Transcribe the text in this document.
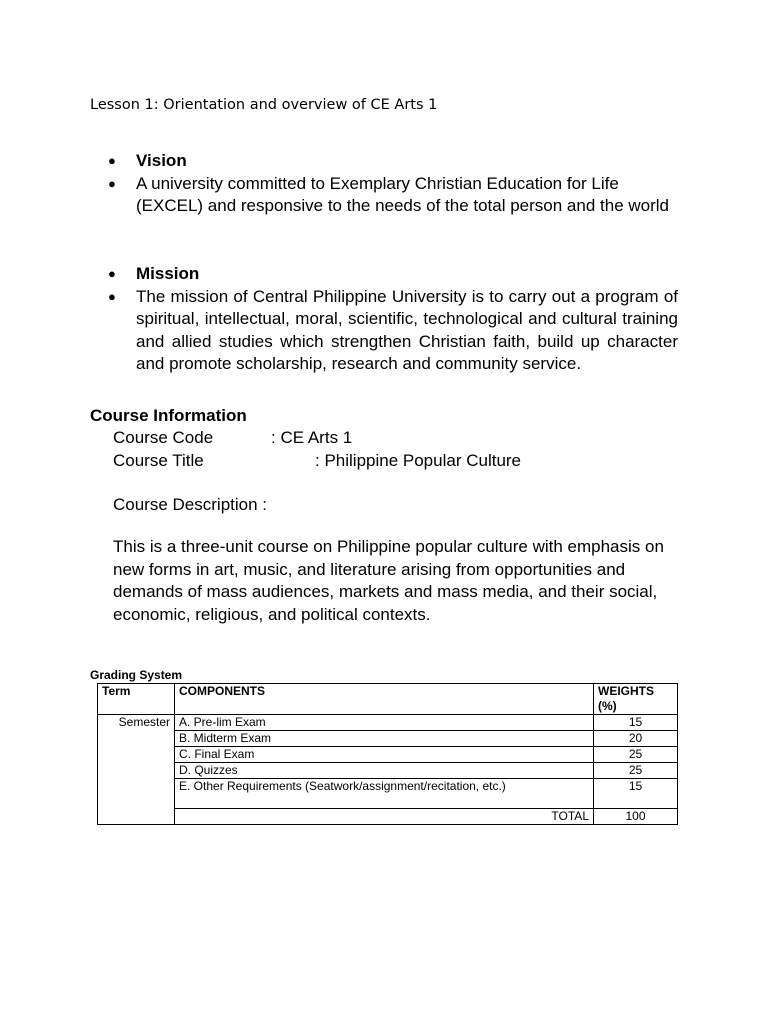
Lesson 1: Orientation and overview of CE Arts 1
●	Vision
●	A university committed to Exemplary Christian Education for Life (EXCEL) and responsive to the needs of the total person and the world
●	Mission
●	The mission of Central Philippine University is to carry out a program of spiritual, intellectual, moral, scientific, technological and cultural training and allied studies which strengthen Christian faith, build up character and promote scholarship, research and community service.
Course Information
Course Code	: CE Arts 1
Course Title	: Philippine Popular Culture
Course Description :
This is a three-unit course on Philippine popular culture with emphasis on new forms in art, music, and literature arising from opportunities and demands of mass audiences, markets and mass media, and their social, economic, religious, and political contexts.
Grading System
Term	COMPONENTS	WEIGHTS (%)
Semester	A. Pre-lim Exam	15
	B. Midterm Exam	20
	C. Final Exam	25
	D. Quizzes	25
	E. Other Requirements (Seatwork/assignment/recitation, etc.)	15
	TOTAL	100
